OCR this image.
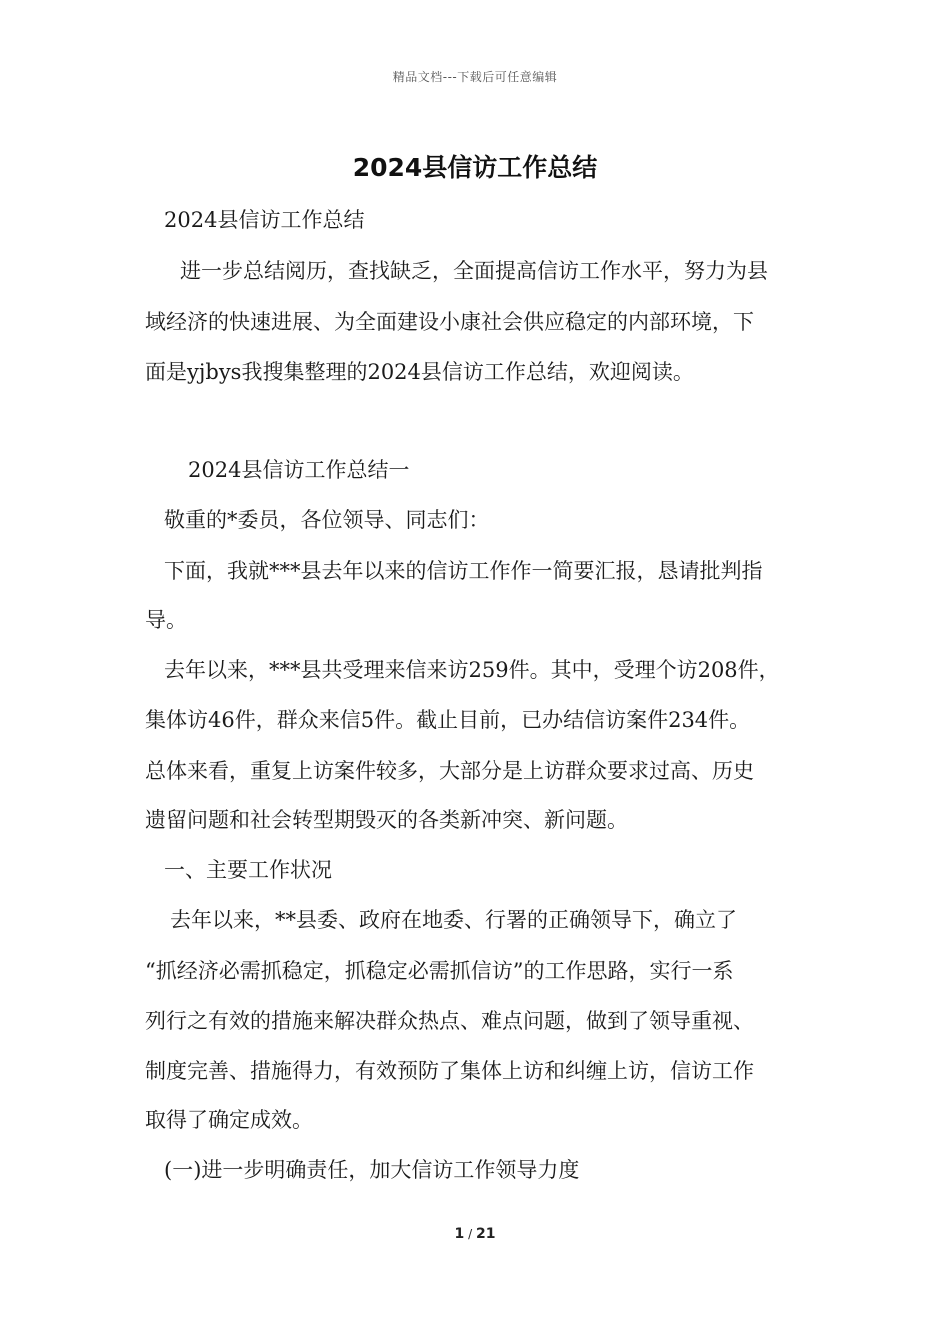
精品文档---下载后可任意编辑
2024县信访工作总结
2024县信访工作总结
进一步总结阅历，查找缺乏，全面提高信访工作水平，努力为县
域经济的快速进展、为全面建设小康社会供应稳定的内部环境，下
面是yjbys我搜集整理的2024县信访工作总结，欢迎阅读。
2024县信访工作总结一
敬重的*委员，各位领导、同志们：
下面，我就***县去年以来的信访工作作一简要汇报，恳请批判指
导。
去年以来，***县共受理来信来访259件。其中，受理个访208件，
集体访46件，群众来信5件。截止目前，已办结信访案件234件。
总体来看，重复上访案件较多，大部分是上访群众要求过高、历史
遗留问题和社会转型期毁灭的各类新冲突、新问题。
一、主要工作状况
去年以来，**县委、政府在地委、行署的正确领导下，确立了
“抓经济必需抓稳定，抓稳定必需抓信访”的工作思路，实行一系
列行之有效的措施来解决群众热点、难点问题，做到了领导重视、
制度完善、措施得力，有效预防了集体上访和纠缠上访，信访工作
取得了确定成效。
(一)进一步明确责任，加大信访工作领导力度
1 / 21
